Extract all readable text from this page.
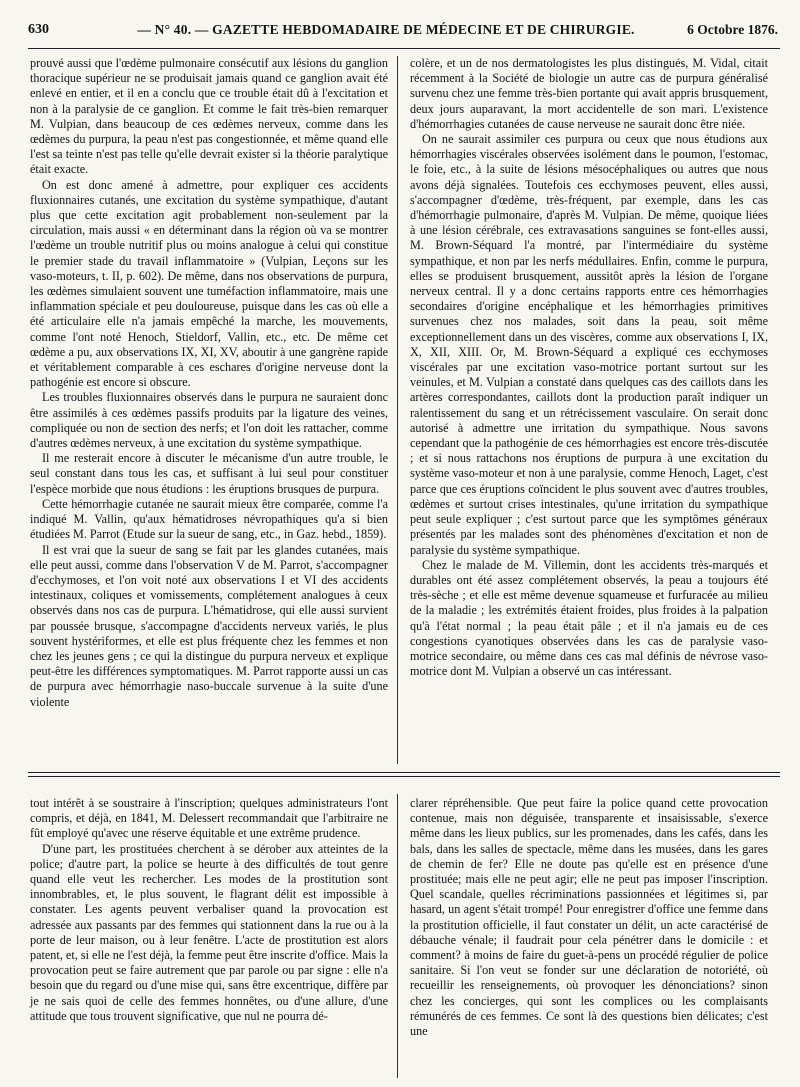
630	— N° 40. — GAZETTE HEBDOMADAIRE DE MÉDECINE ET DE CHIRURGIE.	6 Octobre 1876.

prouvé aussi que l'œdème pulmonaire consécutif aux lésions du ganglion thoracique supérieur ne se produisait jamais quand ce ganglion avait été enlevé en entier, et il en a conclu que ce trouble était dû à l'excitation et non à la paralysie de ce ganglion. Et comme le fait très-bien remarquer M. Vulpian, dans beaucoup de ces œdèmes nerveux, comme dans les œdèmes du purpura, la peau n'est pas congestionnée, et même quand elle l'est sa teinte n'est pas telle qu'elle devrait exister si la théorie paralytique était exacte.

On est donc amené à admettre, pour expliquer ces accidents fluxionnaires cutanés, une excitation du système sympathique, d'autant plus que cette excitation agit probablement non-seulement par la circulation, mais aussi « en déterminant dans la région où va se montrer l'œdème un trouble nutritif plus ou moins analogue à celui qui constitue le premier stade du travail inflammatoire » (Vulpian, Leçons sur les vaso-moteurs, t. II, p. 602). De même, dans nos observations de purpura, les œdèmes simulaient souvent une tuméfaction inflammatoire, mais une inflammation spéciale et peu douloureuse, puisque dans les cas où elle a été articulaire elle n'a jamais empêché la marche, les mouvements, comme l'ont noté Henoch, Stieldorf, Vallin, etc., etc. De même cet œdème a pu, aux observations IX, XI, XV, aboutir à une gangrène rapide et véritablement comparable à ces eschares d'origine nerveuse dont la pathogénie est encore si obscure.

Les troubles fluxionnaires observés dans le purpura ne sauraient donc être assimilés à ces œdèmes passifs produits par la ligature des veines, compliquée ou non de section des nerfs; et l'on doit les rattacher, comme d'autres œdèmes nerveux, à une excitation du système sympathique.

Il me resterait encore à discuter le mécanisme d'un autre trouble, le seul constant dans tous les cas, et suffisant à lui seul pour constituer l'espèce morbide que nous étudions : les éruptions brusques de purpura.

Cette hémorrhagie cutanée ne saurait mieux être comparée, comme l'a indiqué M. Vallin, qu'aux hématidroses névropathiques qu'a si bien étudiées M. Parrot (Etude sur la sueur de sang, etc., in Gaz. hebd., 1859).

Il est vrai que la sueur de sang se fait par les glandes cutanées, mais elle peut aussi, comme dans l'observation V de M. Parrot, s'accompagner d'ecchymoses, et l'on voit noté aux observations I et VI des accidents intestinaux, coliques et vomissements, complétement analogues à ceux observés dans nos cas de purpura. L'hématidrose, qui elle aussi survient par poussée brusque, s'accompagne d'accidents nerveux variés, le plus souvent hystériformes, et elle est plus fréquente chez les femmes et non chez les jeunes gens ; ce qui la distingue du purpura nerveux et explique peut-être les différences symptomatiques. M. Parrot rapporte aussi un cas de purpura avec hémorrhagie naso-buccale survenue à la suite d'une violente

colère, et un de nos dermatologistes les plus distingués, M. Vidal, citait récemment à la Société de biologie un autre cas de purpura généralisé survenu chez une femme très-bien portante qui avait appris brusquement, deux jours auparavant, la mort accidentelle de son mari. L'existence d'hémorrhagies cutanées de cause nerveuse ne saurait donc être niée.

On ne saurait assimiler ces purpura ou ceux que nous étudions aux hémorrhagies viscérales observées isolément dans le poumon, l'estomac, le foie, etc., à la suite de lésions mésocéphaliques ou autres que nous avons déjà signalées. Toutefois ces ecchymoses peuvent, elles aussi, s'accompagner d'œdème, très-fréquent, par exemple, dans les cas d'hémorrhagie pulmonaire, d'après M. Vulpian. De même, quoique liées à une lésion cérébrale, ces extravasations sanguines se font-elles aussi, M. Brown-Séquard l'a montré, par l'intermédiaire du système sympathique, et non par les nerfs médullaires. Enfin, comme le purpura, elles se produisent brusquement, aussitôt après la lésion de l'organe nerveux central. Il y a donc certains rapports entre ces hémorrhagies secondaires d'origine encéphalique et les hémorrhagies primitives survenues chez nos malades, soit dans la peau, soit même exceptionnellement dans un des viscères, comme aux observations I, IX, X, XII, XIII. Or, M. Brown-Séquard a expliqué ces ecchymoses viscérales par une excitation vaso-motrice portant surtout sur les veinules, et M. Vulpian a constaté dans quelques cas des caillots dans les artères correspondantes, caillots dont la production paraît indiquer un ralentissement du sang et un rétrécissement vasculaire. On serait donc autorisé à admettre une irritation du sympathique. Nous savons cependant que la pathogénie de ces hémorrhagies est encore très-discutée ; et si nous rattachons nos éruptions de purpura à une excitation du système vaso-moteur et non à une paralysie, comme Henoch, Laget, c'est parce que ces éruptions coïncident le plus souvent avec d'autres troubles, œdèmes et surtout crises intestinales, qu'une irritation du sympathique peut seule expliquer ; c'est surtout parce que les symptômes généraux présentés par les malades sont des phénomènes d'excitation et non de paralysie du système sympathique.

Chez le malade de M. Villemin, dont les accidents très-marqués et durables ont été assez complétement observés, la peau a toujours été très-sèche ; et elle est même devenue squameuse et furfuracée au milieu de la maladie ; les extrémités étaient froides, plus froides à la palpation qu'à l'état normal ; la peau était pâle ; et il n'a jamais eu de ces congestions cyanotiques observées dans les cas de paralysie vaso-motrice secondaire, ou même dans ces cas mal définis de névrose vaso-motrice dont M. Vulpian a observé un cas intéressant.

tout intérêt à se soustraire à l'inscription; quelques administrateurs l'ont compris, et déjà, en 1841, M. Delessert recommandait que l'arbitraire ne fût employé qu'avec une réserve équitable et une extrême prudence.

D'une part, les prostituées cherchent à se dérober aux atteintes de la police; d'autre part, la police se heurte à des difficultés de tout genre quand elle veut les rechercher. Les modes de la prostitution sont innombrables, et, le plus souvent, le flagrant délit est impossible à constater. Les agents peuvent verbaliser quand la provocation est adressée aux passants par des femmes qui stationnent dans la rue ou à la porte de leur maison, ou à leur fenêtre. L'acte de prostitution est alors patent, et, si elle ne l'est déjà, la femme peut être inscrite d'office. Mais la provocation peut se faire autrement que par parole ou par signe : elle n'a besoin que du regard ou d'une mise qui, sans être excentrique, diffère par je ne sais quoi de celle des femmes honnêtes, ou d'une allure, d'une attitude que tous trouvent significative, que nul ne pourra dé-

clarer répréhensible. Que peut faire la police quand cette provocation contenue, mais non déguisée, transparente et insaisissable, s'exerce même dans les lieux publics, sur les promenades, dans les cafés, dans les bals, dans les salles de spectacle, même dans les musées, dans les gares de chemin de fer? Elle ne doute pas qu'elle est en présence d'une prostituée; mais elle ne peut agir; elle ne peut pas imposer l'inscription. Quel scandale, quelles récriminations passionnées et légitimes si, par hasard, un agent s'était trompé! Pour enregistrer d'office une femme dans la prostitution officielle, il faut constater un délit, un acte caractérisé de débauche vénale; il faudrait pour cela pénétrer dans le domicile : et comment? à moins de faire du guet-à-pens un procédé régulier de police sanitaire. Si l'on veut se fonder sur une déclaration de notoriété, où recueillir les renseignements, où provoquer les dénonciations? sinon chez les concierges, qui sont les complices ou les complaisants rémunérés de ces femmes. Ce sont là des questions bien délicates; c'est une
